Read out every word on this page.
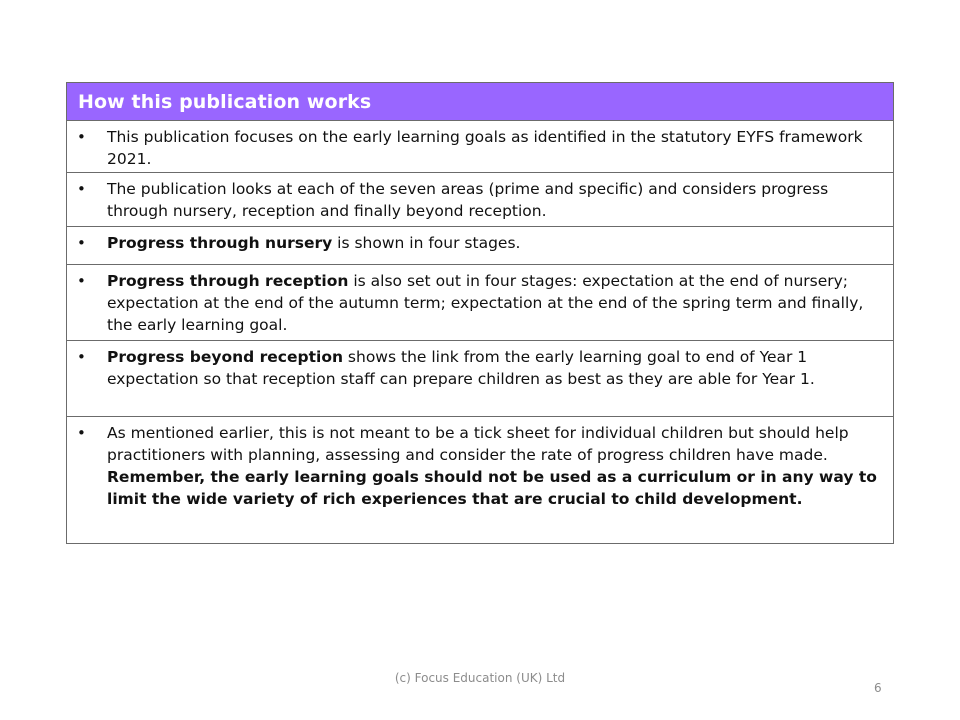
How this publication works
• This publication focuses on the early learning goals as identified in the statutory EYFS framework 2021.
• The publication looks at each of the seven areas (prime and specific) and considers progress through nursery, reception and finally beyond reception.
• Progress through nursery is shown in four stages.
• Progress through reception is also set out in four stages: expectation at the end of nursery; expectation at the end of the autumn term; expectation at the end of the spring term and finally, the early learning goal.
• Progress beyond reception shows the link from the early learning goal to end of Year 1 expectation so that reception staff can prepare children as best as they are able for Year 1.
• As mentioned earlier, this is not meant to be a tick sheet for individual children but should help practitioners with planning, assessing and consider the rate of progress children have made. Remember, the early learning goals should not be used as a curriculum or in any way to limit the wide variety of rich experiences that are crucial to child development.
(c) Focus Education (UK) Ltd
6
